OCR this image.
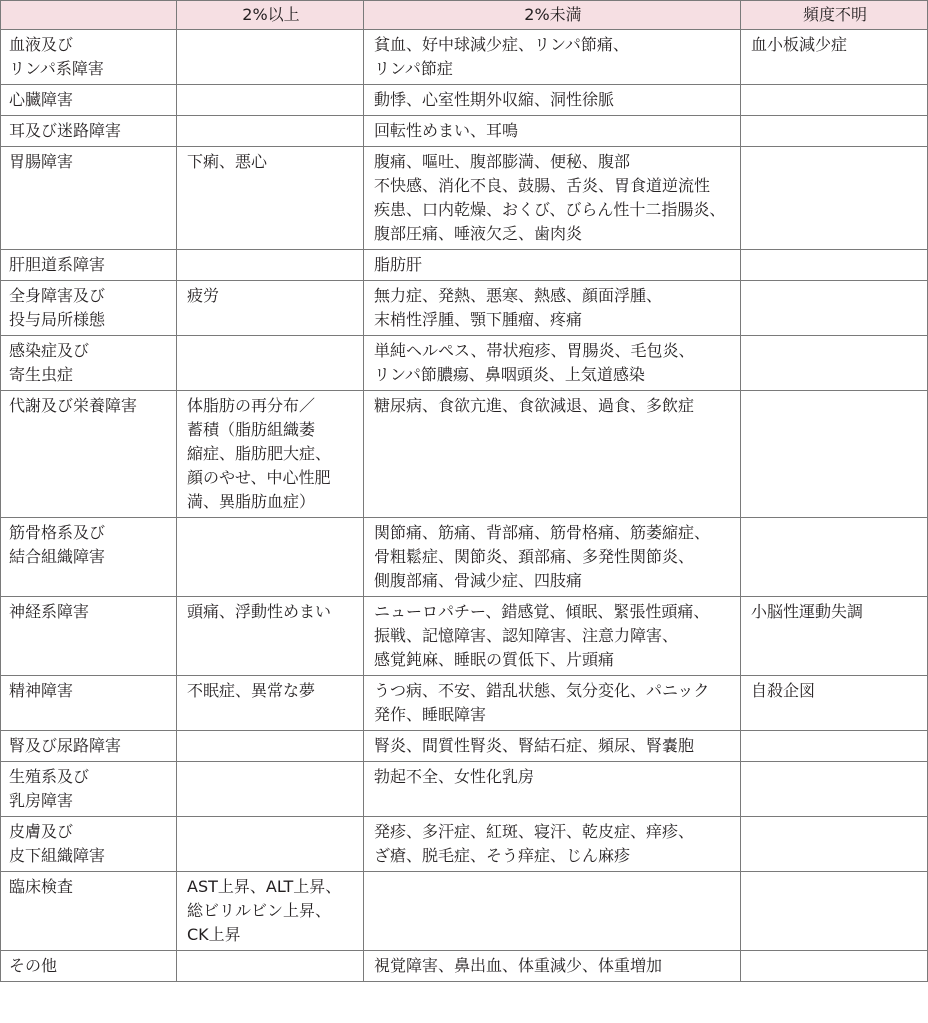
	2%以上	2%未満	頻度不明

血液及び
リンパ系障害		貧血、好中球減少症、リンパ節痛、
リンパ節症	血小板減少症

心臓障害		動悸、心室性期外収縮、洞性徐脈	

耳及び迷路障害		回転性めまい、耳鳴	

胃腸障害	下痢、悪心	腹痛、嘔吐、腹部膨満、便秘、腹部
不快感、消化不良、鼓腸、舌炎、胃食道逆流性
疾患、口内乾燥、おくび、びらん性十二指腸炎、
腹部圧痛、唾液欠乏、歯肉炎	

肝胆道系障害		脂肪肝	

全身障害及び
投与局所様態	疲労	無力症、発熱、悪寒、熱感、顔面浮腫、
末梢性浮腫、顎下腫瘤、疼痛	

感染症及び
寄生虫症		単純ヘルペス、帯状疱疹、胃腸炎、毛包炎、
リンパ節膿瘍、鼻咽頭炎、上気道感染	

代謝及び栄養障害	体脂肪の再分布／
蓄積（脂肪組織萎
縮症、脂肪肥大症、
顔のやせ、中心性肥
満、異脂肪血症）	糖尿病、食欲亢進、食欲減退、過食、多飲症	

筋骨格系及び
結合組織障害		関節痛、筋痛、背部痛、筋骨格痛、筋萎縮症、
骨粗鬆症、関節炎、頚部痛、多発性関節炎、
側腹部痛、骨減少症、四肢痛	

神経系障害	頭痛、浮動性めまい	ニューロパチー、錯感覚、傾眠、緊張性頭痛、
振戦、記憶障害、認知障害、注意力障害、
感覚鈍麻、睡眠の質低下、片頭痛	小脳性運動失調

精神障害	不眠症、異常な夢	うつ病、不安、錯乱状態、気分変化、パニック
発作、睡眠障害	自殺企図

腎及び尿路障害		腎炎、間質性腎炎、腎結石症、頻尿、腎嚢胞	

生殖系及び
乳房障害		勃起不全、女性化乳房	

皮膚及び
皮下組織障害		発疹、多汗症、紅斑、寝汗、乾皮症、痒疹、
ざ瘡、脱毛症、そう痒症、じん麻疹	

臨床検査	AST上昇、ALT上昇、
総ビリルビン上昇、
CK上昇		

その他		視覚障害、鼻出血、体重減少、体重増加	
